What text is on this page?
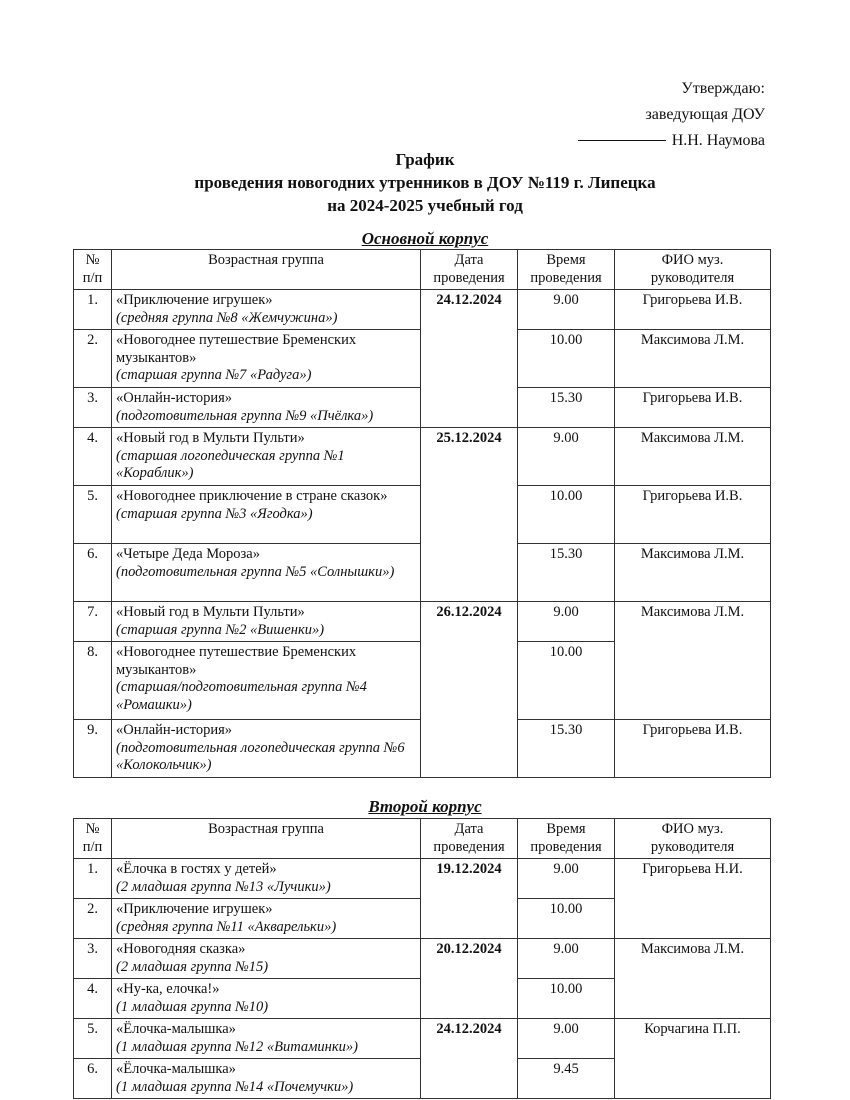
Утверждаю:
заведующая ДОУ
Н.Н. Наумова
График
проведения новогодних утренников в ДОУ №119 г. Липецка
на 2024-2025 учебный год
Основной корпус
№ п/п	Возрастная группа	Дата проведения	Время проведения	ФИО муз. руководителя
1.	«Приключение игрушек»
(средняя группа №8 «Жемчужина»)	24.12.2024	9.00	Григорьева И.В.
2.	«Новогоднее путешествие Бременских музыкантов»
(старшая группа №7 «Радуга»)		10.00	Максимова Л.М.
3.	«Онлайн-история»
(подготовительная группа №9 «Пчёлка»)		15.30	Григорьева И.В.
4.	«Новый год в Мульти Пульти»
(старшая логопедическая группа №1 «Кораблик»)	25.12.2024	9.00	Максимова Л.М.
5.	«Новогоднее приключение в стране сказок»
(старшая группа №3 «Ягодка»)		10.00	Григорьева И.В.
6.	«Четыре Деда Мороза»
(подготовительная группа №5 «Солнышки»)		15.30	Максимова Л.М.
7.	«Новый год в Мульти Пульти»
(старшая группа №2 «Вишенки»)	26.12.2024	9.00	Максимова Л.М.
8.	«Новогоднее путешествие Бременских музыкантов»
(старшая/подготовительная группа №4 «Ромашки»)		10.00	
9.	«Онлайн-история»
(подготовительная логопедическая группа №6 «Колокольчик»)		15.30	Григорьева И.В.
Второй корпус
№ п/п	Возрастная группа	Дата проведения	Время проведения	ФИО муз. руководителя
1.	«Ёлочка в гостях у детей»
(2 младшая группа №13 «Лучики»)	19.12.2024	9.00	Григорьева Н.И.
2.	«Приключение игрушек»
(средняя группа №11 «Акварельки»)		10.00	
3.	«Новогодняя сказка»
(2 младшая группа №15)	20.12.2024	9.00	Максимова Л.М.
4.	«Ну-ка, елочка!»
(1 младшая группа №10)		10.00	
5.	«Ёлочка-малышка»
(1 младшая группа №12 «Витаминки»)	24.12.2024	9.00	Корчагина П.П.
6.	«Ёлочка-малышка»
(1 младшая группа №14 «Почемучки»)		9.45	
